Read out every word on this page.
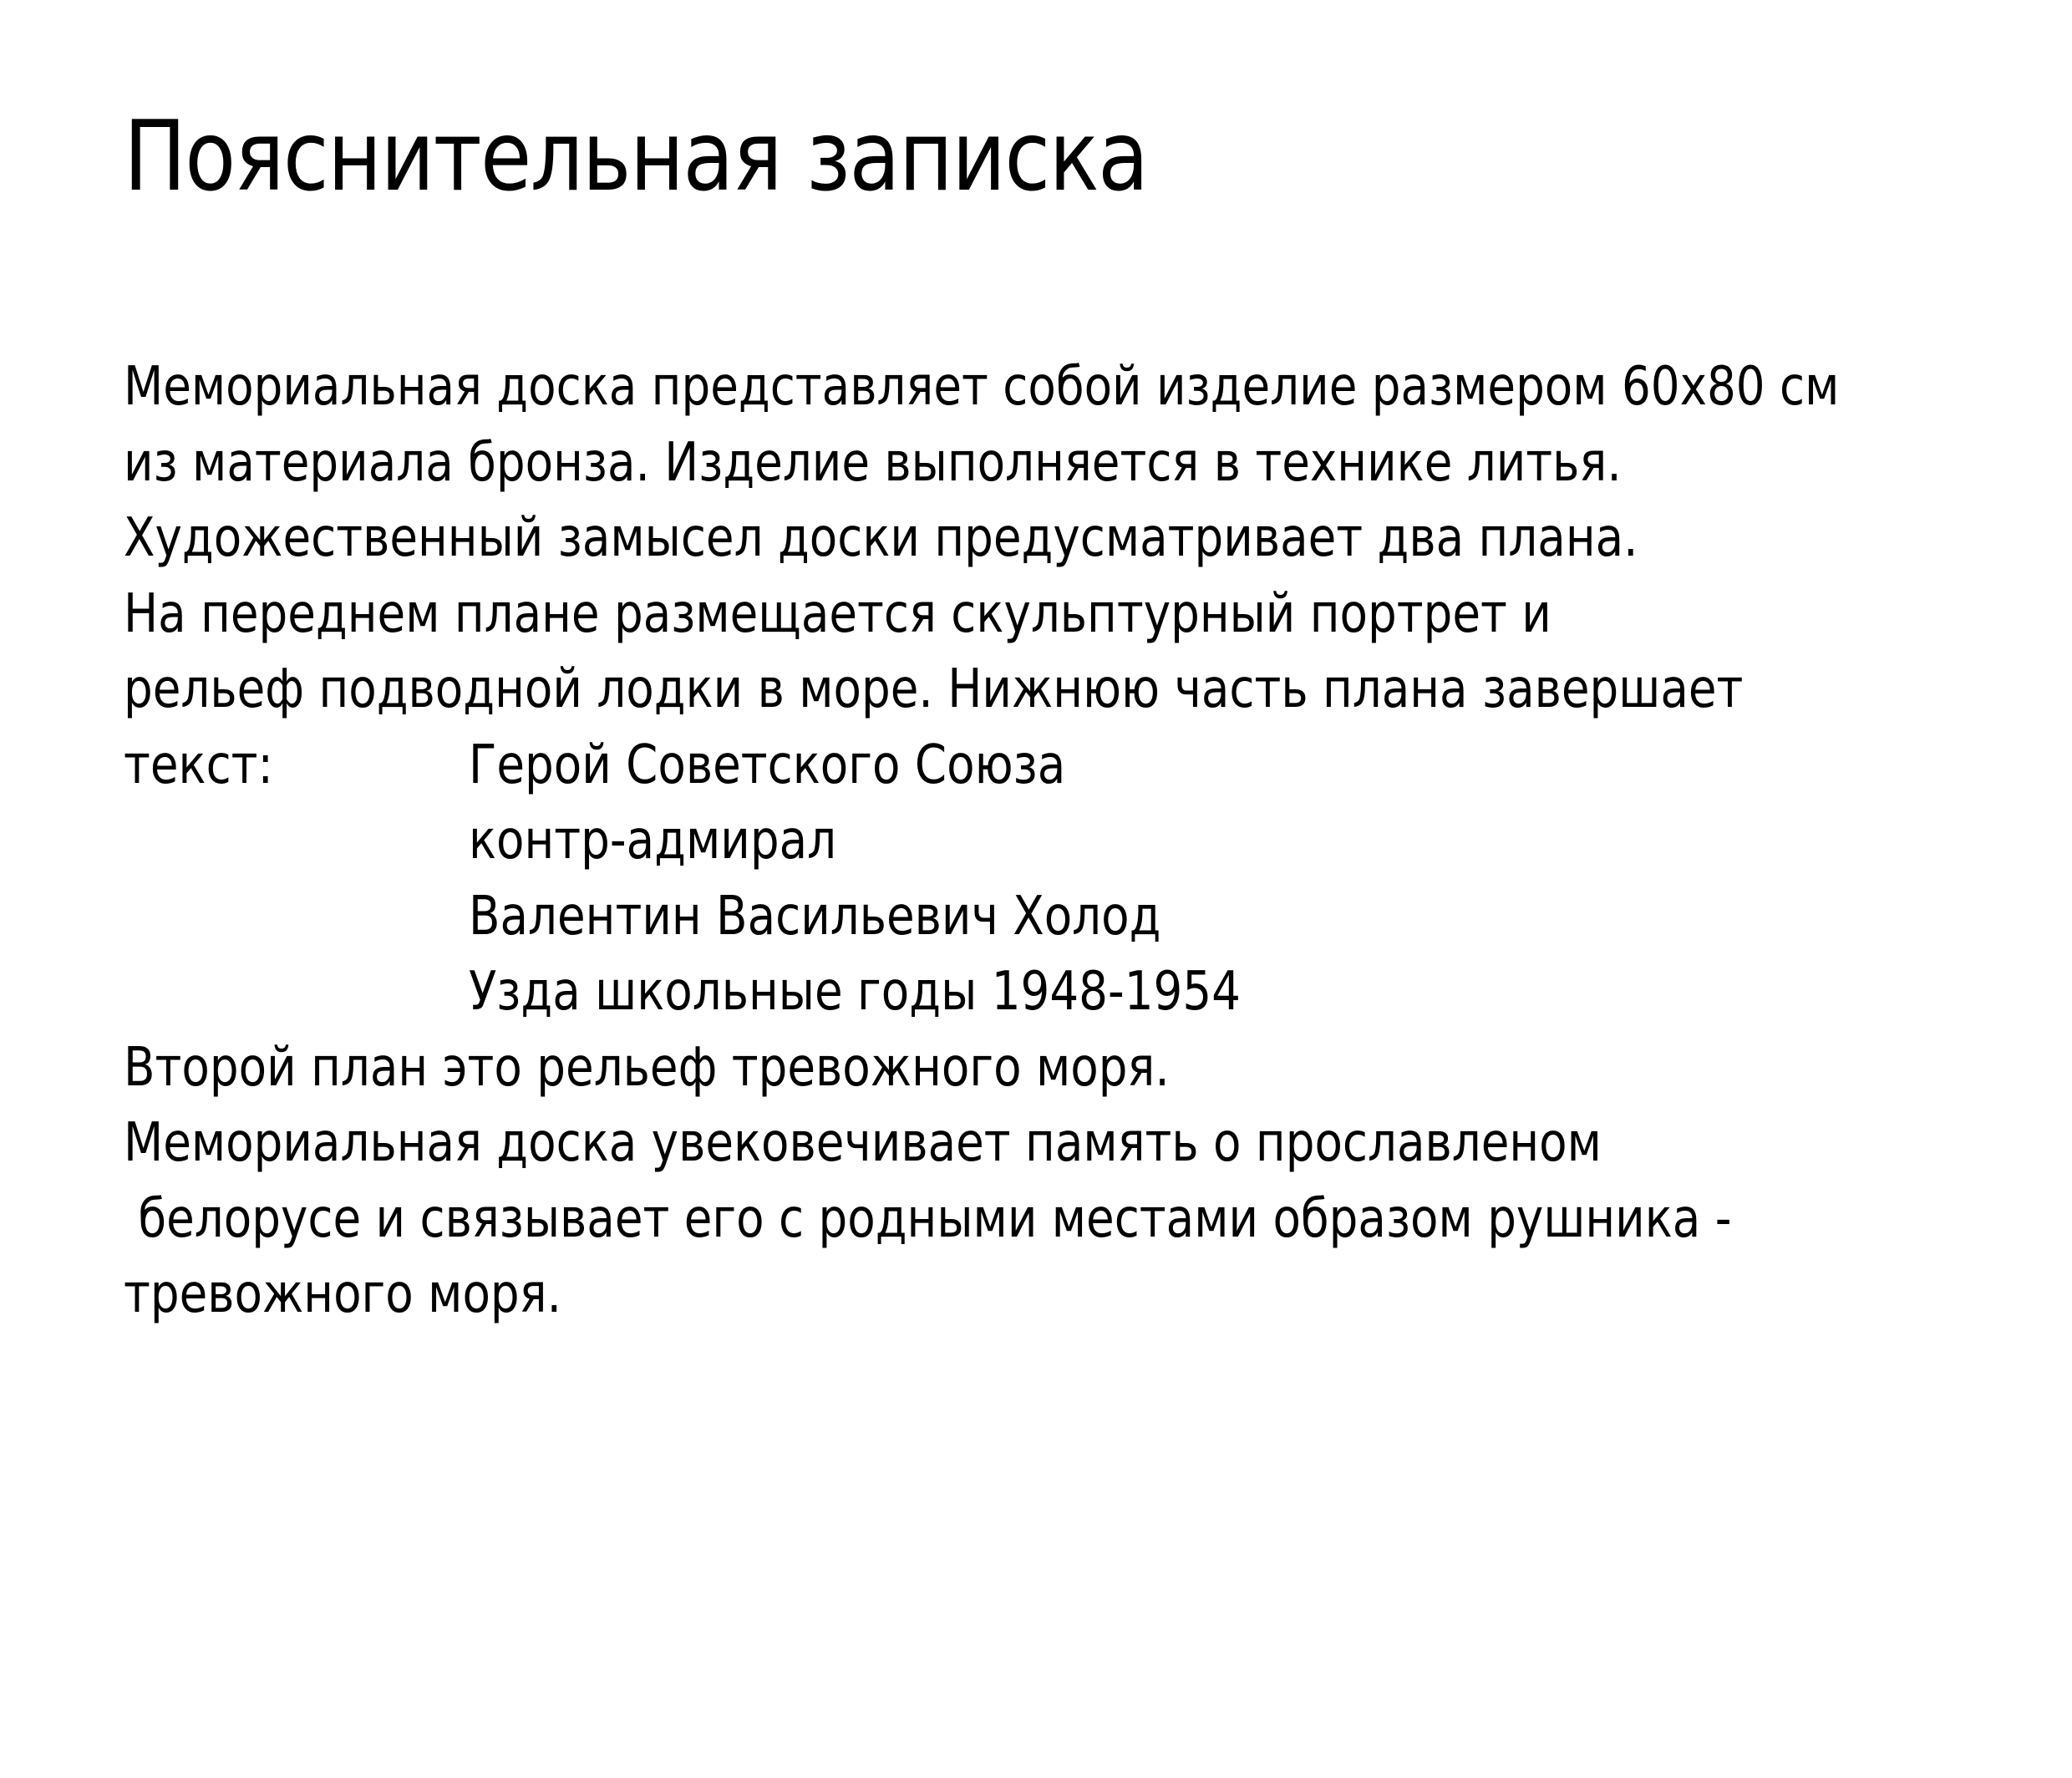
Пояснительная записка
Мемориальная доска представляет собой изделие размером 60х80 см
из материала бронза. Изделие выполняется в технике литья.
Художественный замысел доски предусматривает два плана.
На переднем плане размещается скульптурный портрет и
рельеф подводной лодки в море. Нижнюю часть плана завершает
текст:	Герой Советского Союза
контр-адмирал
Валентин Васильевич Холод
Узда школьные годы 1948-1954
Второй план это рельеф тревожного моря.
Мемориальная доска увековечивает память о прославленом
белорусе и связывает его с родными местами образом рушника -
тревожного моря.
